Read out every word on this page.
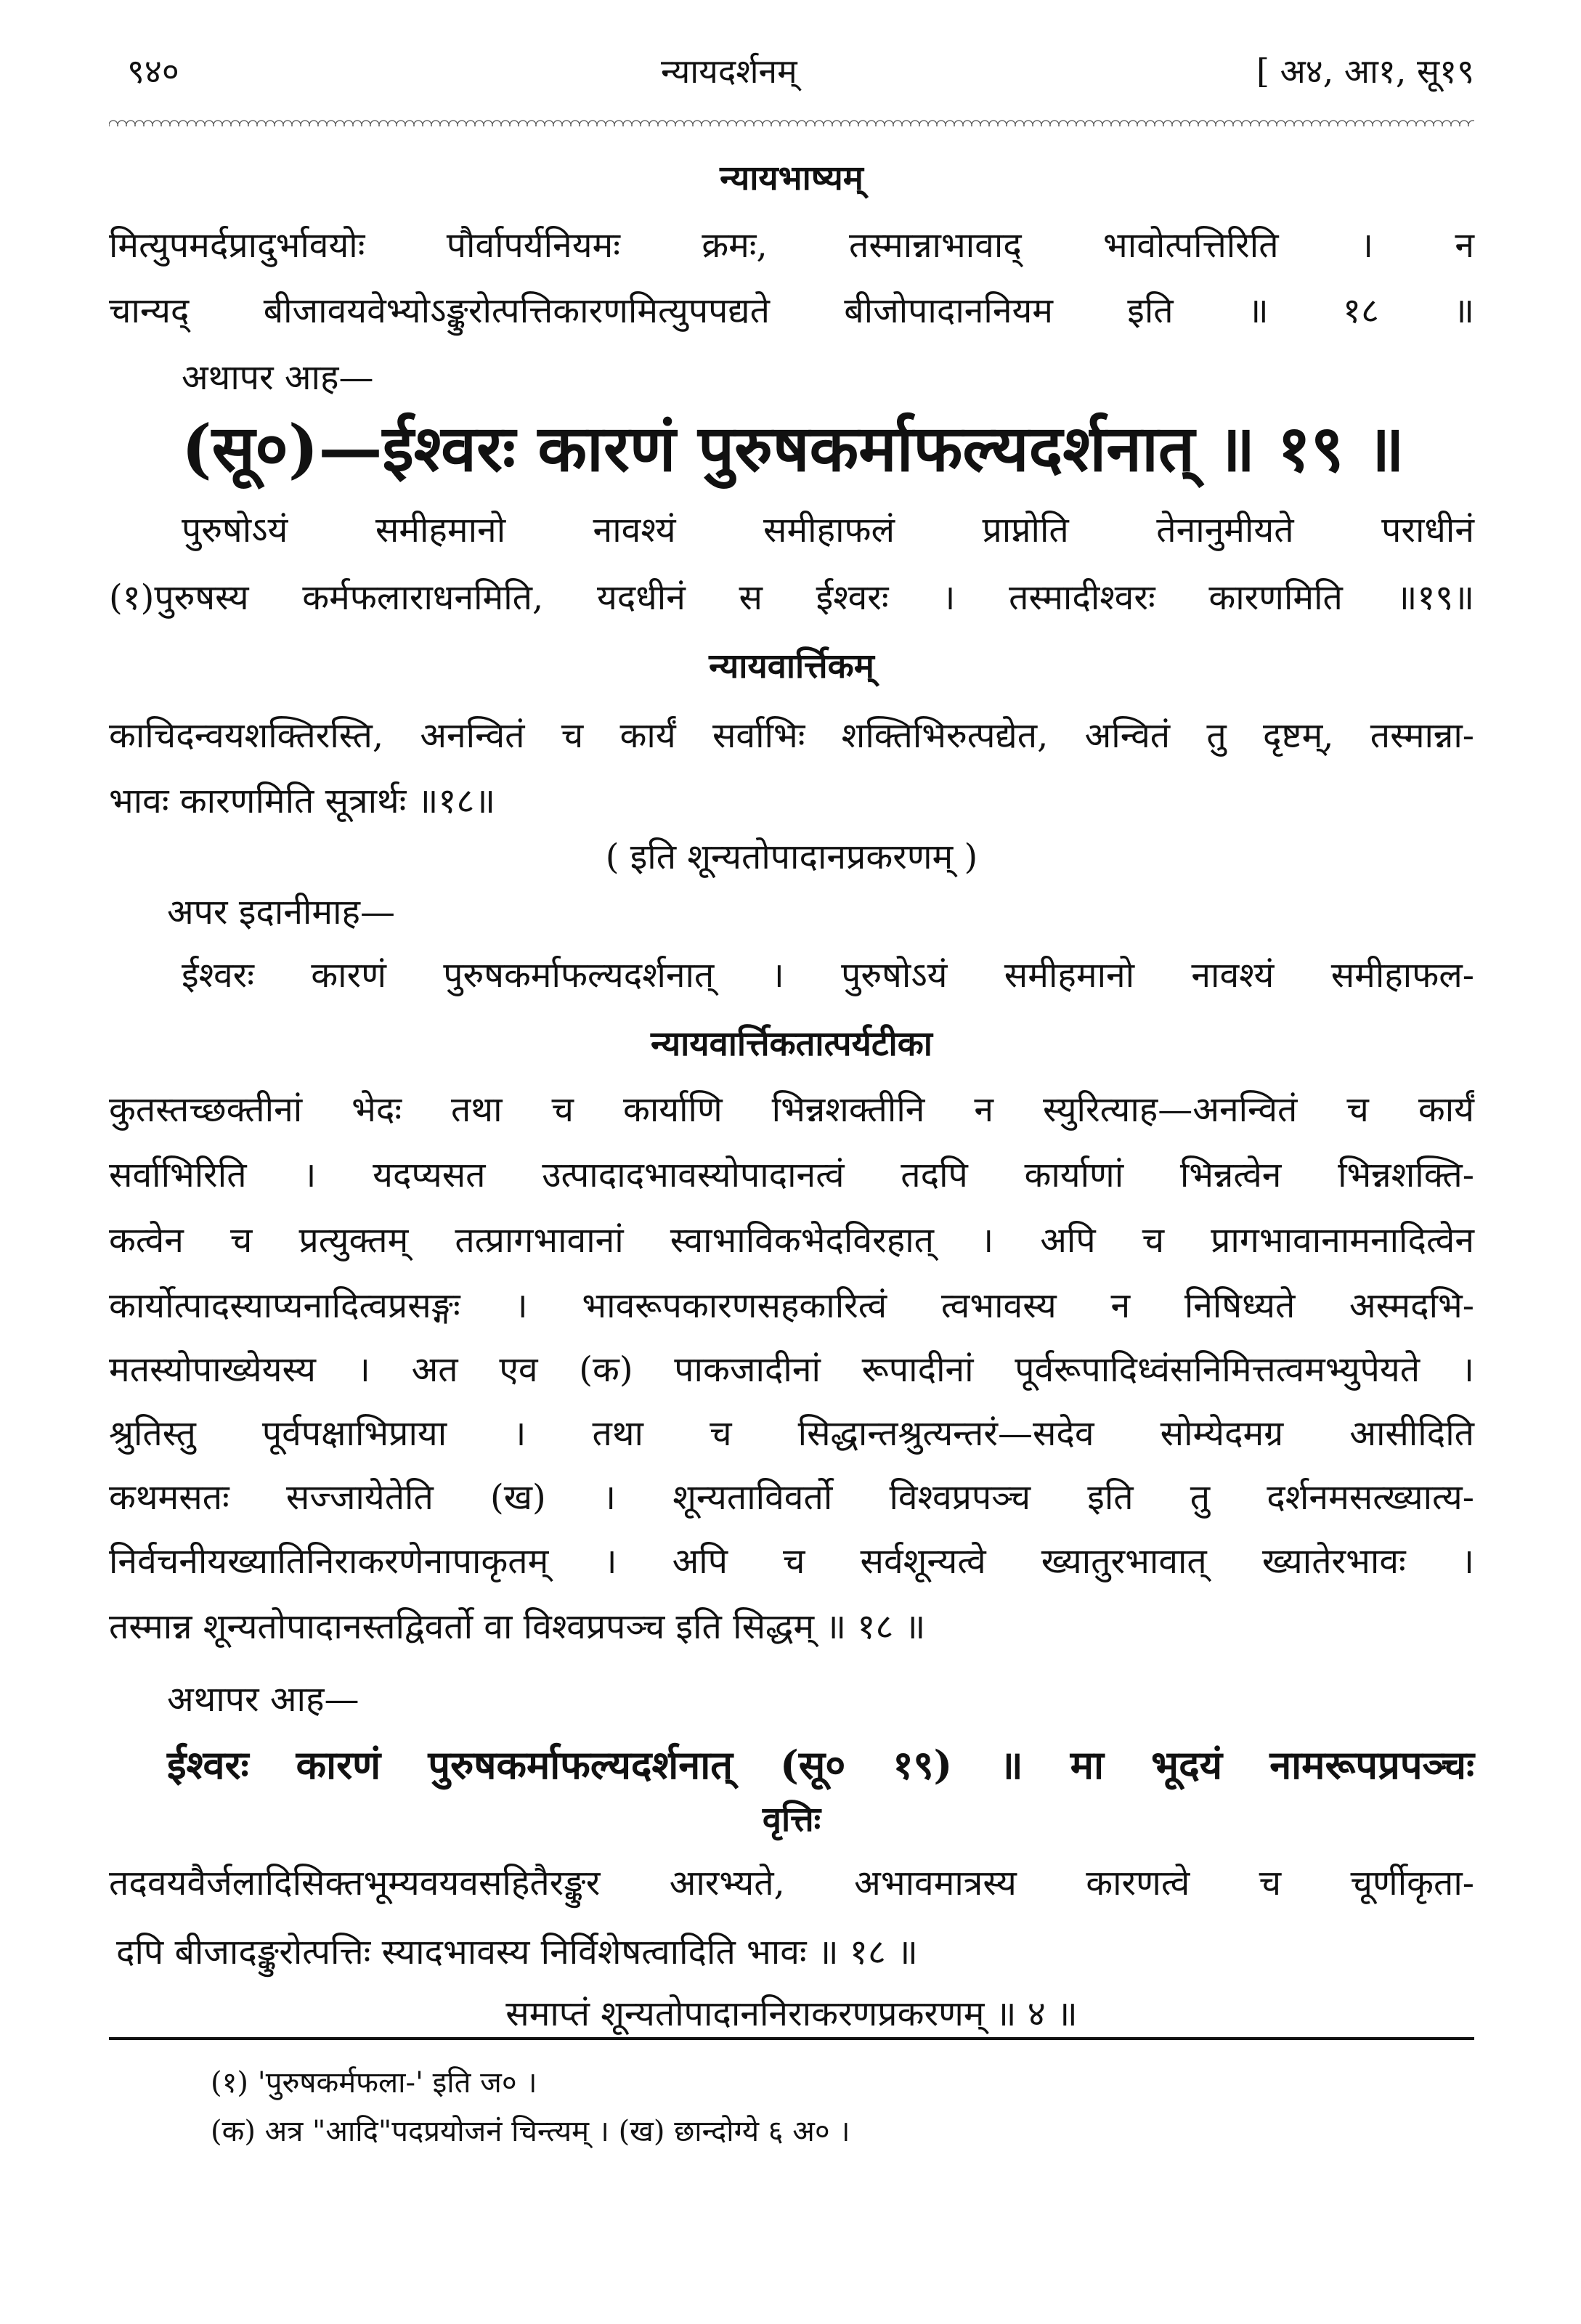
९४०	न्यायदर्शनम्	[ अ४, आ१, सू१९
न्यायभाष्यम्
मित्युपमर्दप्रादुर्भावयोः पौर्वापर्यनियमः क्रमः, तस्मान्नाभावाद् भावोत्पत्तिरिति । न
चान्यद् बीजावयवेभ्योऽङ्कुरोत्पत्तिकारणमित्युपपद्यते बीजोपादाननियम इति ॥ १८ ॥
अथापर आह—
(सू०)—ईश्वरः कारणं पुरुषकर्माफल्यदर्शनात् ॥ १९ ॥
पुरुषोऽयं समीहमानो नावश्यं समीहाफलं प्राप्नोति तेनानुमीयते पराधीनं
(१)पुरुषस्य कर्मफलाराधनमिति, यदधीनं स ईश्वरः । तस्मादीश्वरः कारणमिति ॥१९॥
न्यायवार्त्तिकम्
काचिदन्वयशक्तिरस्ति, अनन्वितं च कार्यं सर्वाभिः शक्तिभिरुत्पद्येत, अन्वितं तु दृष्टम्, तस्मान्ना-
भावः कारणमिति सूत्रार्थः ॥१८॥
( इति शून्यतोपादानप्रकरणम् )
अपर इदानीमाह—
ईश्वरः कारणं पुरुषकर्माफल्यदर्शनात् । पुरुषोऽयं समीहमानो नावश्यं समीहाफल-
न्यायवार्त्तिकतात्पर्यटीका
कुतस्तच्छक्तीनां भेदः तथा च कार्याणि भिन्नशक्तीनि न स्युरित्याह—अनन्वितं च कार्यं
सर्वाभिरिति । यदप्यसत उत्पादादभावस्योपादानत्वं तदपि कार्याणां भिन्नत्वेन भिन्नशक्ति-
कत्वेन च प्रत्युक्तम् तत्प्रागभावानां स्वाभाविकभेदविरहात् । अपि च प्रागभावानामनादित्वेन
कार्योत्पादस्याप्यनादित्वप्रसङ्गः । भावरूपकारणसहकारित्वं त्वभावस्य न निषिध्यते अस्मदभि-
मतस्योपाख्येयस्य । अत एव (क) पाकजादीनां रूपादीनां पूर्वरूपादिध्वंसनिमित्तत्वमभ्युपेयते ।
श्रुतिस्तु पूर्वपक्षाभिप्राया । तथा च सिद्धान्तश्रुत्यन्तरं—सदेव सोम्येदमग्र आसीदिति
कथमसतः सज्जायेतेति (ख) । शून्यताविवर्तो विश्वप्रपञ्च इति तु दर्शनमसत्ख्यात्य-
निर्वचनीयख्यातिनिराकरणेनापाकृतम् । अपि च सर्वशून्यत्वे ख्यातुरभावात् ख्यातेरभावः ।
तस्मान्न शून्यतोपादानस्तद्विवर्तो वा विश्वप्रपञ्च इति सिद्धम् ॥ १८ ॥
अथापर आह—
ईश्वरः कारणं पुरुषकर्माफल्यदर्शनात् (सू० १९) ॥ मा भूदयं नामरूपप्रपञ्चः
वृत्तिः
तदवयवैर्जलादिसिक्तभूम्यवयवसहितैरङ्कुर आरभ्यते, अभावमात्रस्य कारणत्वे च चूर्णीकृता-
दपि बीजादङ्कुरोत्पत्तिः स्यादभावस्य निर्विशेषत्वादिति भावः ॥ १८ ॥
समाप्तं शून्यतोपादाननिराकरणप्रकरणम् ॥ ४ ॥
(१) 'पुरुषकर्मफला-' इति ज० ।
(क) अत्र "आदि"पदप्रयोजनं चिन्त्यम् । (ख) छान्दोग्ये ६ अ० ।
